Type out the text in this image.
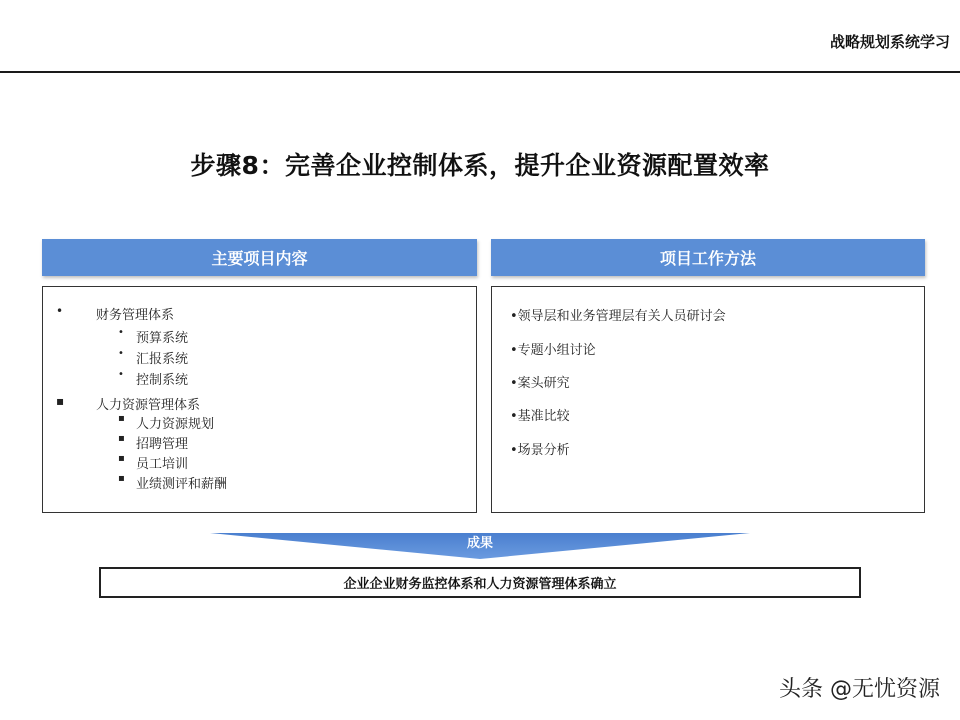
战略规划系统学习
步骤8：完善企业控制体系，提升企业资源配置效率
主要项目内容	项目工作方法
•	财务管理体系
• 预算系统
• 汇报系统
• 控制系统
▪ 人力资源管理体系
▪ 人力资源规划
▪ 招聘管理
▪ 员工培训
▪ 业绩测评和薪酬
•领导层和业务管理层有关人员研讨会
•专题小组讨论
•案头研究
•基准比较
•场景分析
成果
企业企业财务监控体系和人力资源管理体系确立
头条 @无忧资源
